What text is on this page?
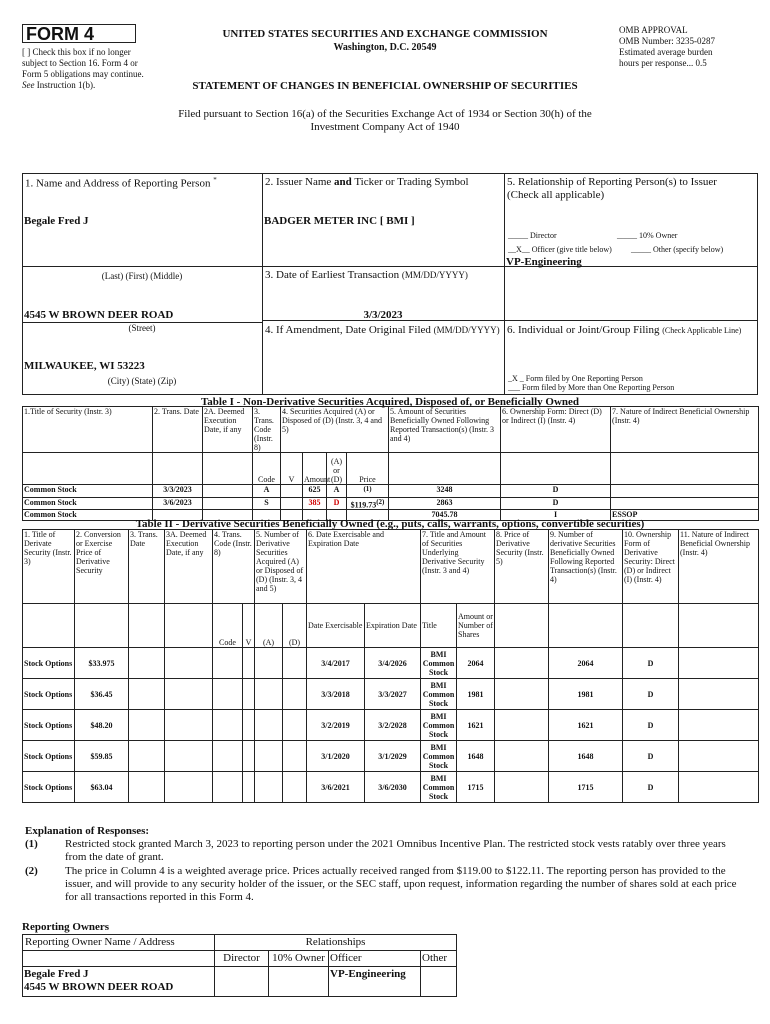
FORM 4
[ ] Check this box if no longer subject to Section 16. Form 4 or Form 5 obligations may continue. See Instruction 1(b).
UNITED STATES SECURITIES AND EXCHANGE COMMISSION
Washington, D.C. 20549
OMB APPROVAL
OMB Number: 3235-0287
Estimated average burden
hours per response... 0.5
STATEMENT OF CHANGES IN BENEFICIAL OWNERSHIP OF SECURITIES
Filed pursuant to Section 16(a) of the Securities Exchange Act of 1934 or Section 30(h) of the
Investment Company Act of 1940
1. Name and Address of Reporting Person *
Begale Fred J
(Last) (First) (Middle)
4545 W BROWN DEER ROAD
(Street)
MILWAUKEE, WI 53223
(City) (State) (Zip)
2. Issuer Name and Ticker or Trading Symbol
BADGER METER INC [ BMI ]
3. Date of Earliest Transaction (MM/DD/YYYY)
3/3/2023
4. If Amendment, Date Original Filed (MM/DD/YYYY)
5. Relationship of Reporting Person(s) to Issuer
(Check all applicable)
_____ Director	_____ 10% Owner
__X__ Officer (give title below) _____ Other (specify below)
VP-Engineering
6. Individual or Joint/Group Filing (Check Applicable Line)
_X _ Form filed by One Reporting Person
___ Form filed by More than One Reporting Person
Table I - Non-Derivative Securities Acquired, Disposed of, or Beneficially Owned
1.Title of Security (Instr. 3)	2. Trans. Date	2A. Deemed Execution Date, if any	3. Trans. Code (Instr. 8)	4. Securities Acquired (A) or Disposed of (D) (Instr. 3, 4 and 5)				5. Amount of Securities Beneficially Owned Following Reported Transaction(s) (Instr. 3 and 4)	6. Ownership Form: Direct (D) or Indirect (I) (Instr. 4)	7. Nature of Indirect Beneficial Ownership (Instr. 4)
			Code	V	Amount	(A) or (D)	Price			
Common Stock	3/3/2023		A		625	A	$^{(1)}$	3248	D	
Common Stock	3/6/2023		S		385	D	$119.73$^{(2)}$	2863	D	
Common Stock								7045.78	I	ESSOP
Table II - Derivative Securities Beneficially Owned (e.g., puts, calls, warrants, options, convertible securities)
1. Title of Derivate Security (Instr. 3)	2. Conversion or Exercise Price of Derivative Security	3. Trans. Date	3A. Deemed Execution Date, if any	4. Trans. Code (Instr. 8)		5. Number of Derivative Securities Acquired (A) or Disposed of (D) (Instr. 3, 4 and 5)		6. Date Exercisable and Expiration Date		7. Title and Amount of Securities Underlying Derivative Security (Instr. 3 and 4)		8. Price of Derivative Security (Instr. 5)	9. Number of derivative Securities Beneficially Owned Following Reported Transaction(s) (Instr. 4)	10. Ownership Form of Derivative Security: Direct (D) or Indirect (I) (Instr. 4)	11. Nature of Indirect Beneficial Ownership (Instr. 4)
				Code	V	(A)	(D)	Date Exercisable	Expiration Date	Title	Amount or Number of Shares				
Stock Options	$33.975							3/4/2017	3/4/2026	BMI Common Stock	2064		2064	D	
Stock Options	$36.45							3/3/2018	3/3/2027	BMI Common Stock	1981		1981	D	
Stock Options	$48.20							3/2/2019	3/2/2028	BMI Common Stock	1621		1621	D	
Stock Options	$59.85							3/1/2020	3/1/2029	BMI Common Stock	1648		1648	D	
Stock Options	$63.04							3/6/2021	3/6/2030	BMI Common Stock	1715		1715	D	
Explanation of Responses:
(1)	Restricted stock granted March 3, 2023 to reporting person under the 2021 Omnibus Incentive Plan. The restricted stock vests ratably over three years from the date of grant.
(2)	The price in Column 4 is a weighted average price. Prices actually received ranged from $119.00 to $122.11. The reporting person has provided to the issuer, and will provide to any security holder of the issuer, or the SEC staff, upon request, information regarding the number of shares sold at each price for all transactions reported in this Form 4.
Reporting Owners
Reporting Owner Name / Address	Relationships			
	Director	10% Owner	Officer	Other

Begale Fred J
4545 W BROWN DEER ROAD			VP-Engineering	
